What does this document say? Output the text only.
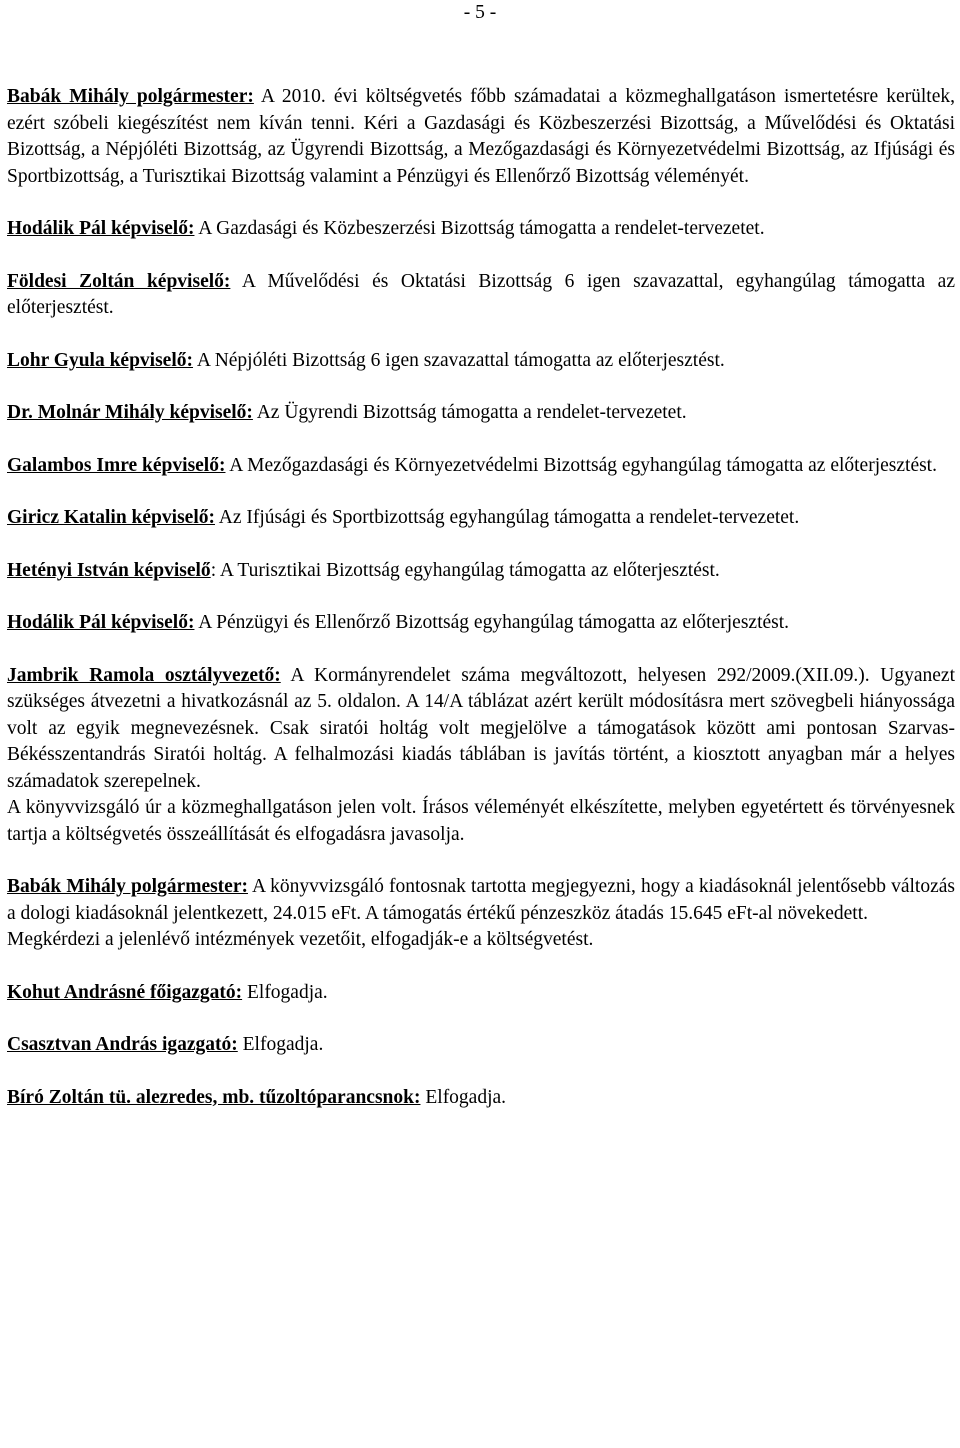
- 5 -

Babák Mihály polgármester: A 2010. évi költségvetés főbb számadatai a közmeghallgatáson ismertetésre kerültek, ezért szóbeli kiegészítést nem kíván tenni. Kéri a Gazdasági és Közbeszerzési Bizottság, a Művelődési és Oktatási Bizottság, a Népjóléti Bizottság, az Ügyrendi Bizottság, a Mezőgazdasági és Környezetvédelmi Bizottság, az Ifjúsági és Sportbizottság, a Turisztikai Bizottság valamint a Pénzügyi és Ellenőrző Bizottság véleményét.

Hodálik Pál képviselő: A Gazdasági és Közbeszerzési Bizottság támogatta a rendelet-tervezetet.

Földesi Zoltán képviselő: A Művelődési és Oktatási Bizottság 6 igen szavazattal, egyhangúlag támogatta az előterjesztést.

Lohr Gyula képviselő: A Népjóléti Bizottság 6 igen szavazattal támogatta az előterjesztést.

Dr. Molnár Mihály képviselő: Az Ügyrendi Bizottság támogatta a rendelet-tervezetet.

Galambos Imre képviselő: A Mezőgazdasági és Környezetvédelmi Bizottság egyhangúlag támogatta az előterjesztést.

Giricz Katalin képviselő: Az Ifjúsági és Sportbizottság egyhangúlag támogatta a rendelet-tervezetet.

Hetényi István képviselő: A Turisztikai Bizottság egyhangúlag támogatta az előterjesztést.

Hodálik Pál képviselő: A Pénzügyi és Ellenőrző Bizottság egyhangúlag támogatta az előterjesztést.

Jambrik Ramola osztályvezető: A Kormányrendelet száma megváltozott, helyesen 292/2009.(XII.09.). Ugyanezt szükséges átvezetni a hivatkozásnál az 5. oldalon. A 14/A táblázat azért került módosításra mert szövegbeli hiányossága volt az egyik megnevezésnek. Csak siratói holtág volt megjelölve a támogatások között ami pontosan Szarvas-Békésszentandrás Siratói holtág. A felhalmozási kiadás táblában is javítás történt, a kiosztott anyagban már a helyes számadatok szerepelnek.

A könyvvizsgáló úr a közmeghallgatáson jelen volt. Írásos véleményét elkészítette, melyben egyetértett és törvényesnek tartja a költségvetés összeállítását és elfogadásra javasolja.

Babák Mihály polgármester: A könyvvizsgáló fontosnak tartotta megjegyezni, hogy a kiadásoknál jelentősebb változás a dologi kiadásoknál jelentkezett, 24.015 eFt. A támogatás értékű pénzeszköz átadás 15.645 eFt-al növekedett.

Megkérdezi a jelenlévő intézmények vezetőit, elfogadják-e a költségvetést.

Kohut Andrásné főigazgató: Elfogadja.

Csasztvan András igazgató: Elfogadja.

Bíró Zoltán tü. alezredes, mb. tűzoltóparancsnok: Elfogadja.
